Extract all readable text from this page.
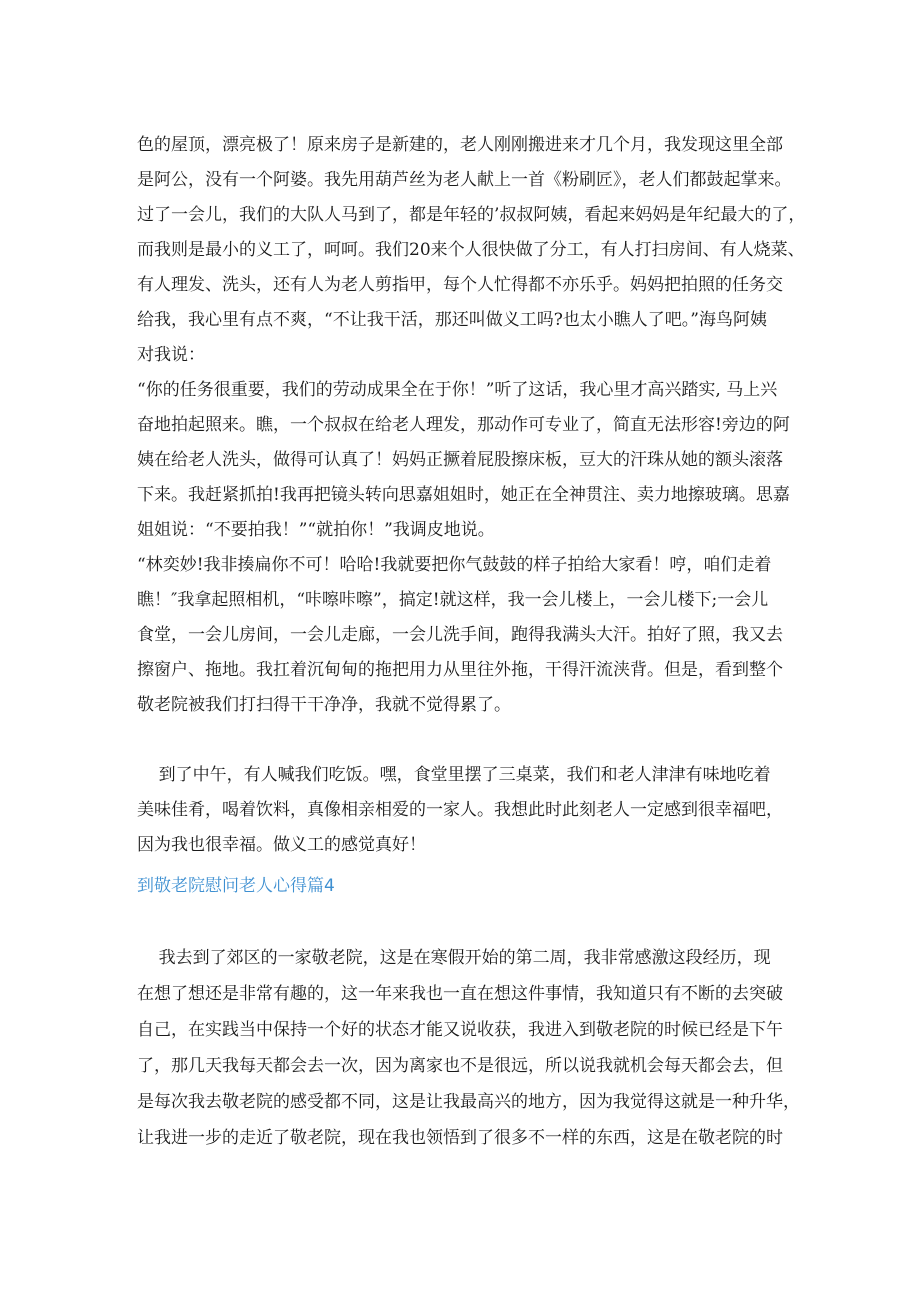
色的屋顶，漂亮极了！原来房子是新建的，老人刚刚搬进来才几个月，我发现这里全部
是阿公，没有一个阿婆。我先用葫芦丝为老人献上一首《粉刷匠》，老人们都鼓起掌来。
过了一会儿，我们的大队人马到了，都是年轻的’叔叔阿姨，看起来妈妈是年纪最大的了，
而我则是最小的义工了，呵呵。我们20来个人很快做了分工，有人打扫房间、有人烧菜、
有人理发、洗头，还有人为老人剪指甲，每个人忙得都不亦乐乎。妈妈把拍照的任务交
给我，我心里有点不爽，“不让我干活，那还叫做义工吗?也太小瞧人了吧。”海鸟阿姨
对我说：
“你的任务很重要，我们的劳动成果全在于你！”听了这话，我心里才高兴踏实, 马上兴
奋地拍起照来。瞧，一个叔叔在给老人理发，那动作可专业了，简直无法形容!旁边的阿
姨在给老人洗头，做得可认真了！妈妈正撅着屁股擦床板，豆大的汗珠从她的额头滚落
下来。我赶紧抓拍!我再把镜头转向思嘉姐姐时，她正在全神贯注、卖力地擦玻璃。思嘉
姐姐说：“不要拍我！”“就拍你！”我调皮地说。
“林奕妙!我非揍扁你不可！哈哈!我就要把你气鼓鼓的样子拍给大家看！哼，咱们走着
瞧！″我拿起照相机，“咔嚓咔嚓”，搞定!就这样，我一会儿楼上，一会儿楼下;一会儿
食堂，一会儿房间，一会儿走廊，一会儿洗手间，跑得我满头大汗。拍好了照，我又去
擦窗户、拖地。我扛着沉甸甸的拖把用力从里往外拖，干得汗流浃背。但是，看到整个
敬老院被我们打扫得干干净净，我就不觉得累了。
到了中午，有人喊我们吃饭。嘿，食堂里摆了三桌菜，我们和老人津津有味地吃着
美味佳肴，喝着饮料，真像相亲相爱的一家人。我想此时此刻老人一定感到很幸福吧，
因为我也很幸福。做义工的感觉真好！
到敬老院慰问老人心得篇4
我去到了郊区的一家敬老院，这是在寒假开始的第二周，我非常感激这段经历，现
在想了想还是非常有趣的，这一年来我也一直在想这件事情，我知道只有不断的去突破
自己，在实践当中保持一个好的状态才能又说收获，我进入到敬老院的时候已经是下午
了，那几天我每天都会去一次，因为离家也不是很远，所以说我就机会每天都会去，但
是每次我去敬老院的感受都不同，这是让我最高兴的地方，因为我觉得这就是一种升华，
让我进一步的走近了敬老院，现在我也领悟到了很多不一样的东西，这是在敬老院的时
